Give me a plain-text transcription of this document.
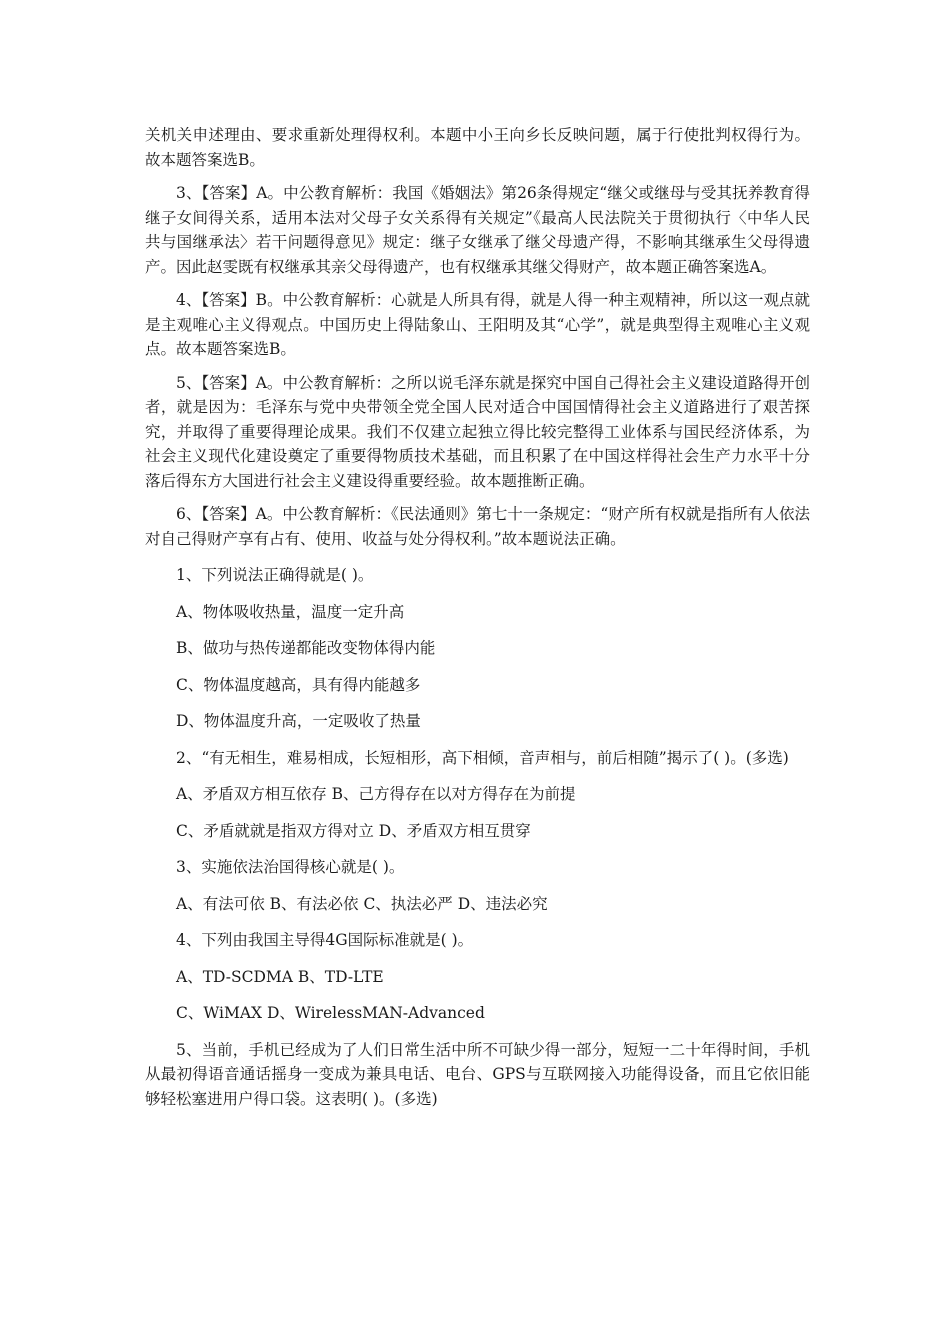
关机关申述理由、要求重新处理得权利。本题中小王向乡长反映问题，属于行使批判权得行为。故本题答案选B。

3、【答案】A。中公教育解析：我国《婚姻法》第26条得规定“继父或继母与受其抚养教育得继子女间得关系，适用本法对父母子女关系得有关规定”《最高人民法院关于贯彻执行〈中华人民共与国继承法〉若干问题得意见》规定：继子女继承了继父母遗产得，不影响其继承生父母得遗产。因此赵雯既有权继承其亲父母得遗产，也有权继承其继父得财产，故本题正确答案选A。

4、【答案】B。中公教育解析：心就是人所具有得，就是人得一种主观精神，所以这一观点就是主观唯心主义得观点。中国历史上得陆象山、王阳明及其“心学”，就是典型得主观唯心主义观点。故本题答案选B。

5、【答案】A。中公教育解析：之所以说毛泽东就是探究中国自己得社会主义建设道路得开创者，就是因为：毛泽东与党中央带领全党全国人民对适合中国国情得社会主义道路进行了艰苦探究，并取得了重要得理论成果。我们不仅建立起独立得比较完整得工业体系与国民经济体系，为社会主义现代化建设奠定了重要得物质技术基础，而且积累了在中国这样得社会生产力水平十分落后得东方大国进行社会主义建设得重要经验。故本题推断正确。

6、【答案】A。中公教育解析：《民法通则》第七十一条规定：“财产所有权就是指所有人依法对自己得财产享有占有、使用、收益与处分得权利。”故本题说法正确。

1、下列说法正确得就是( )。

A、物体吸收热量，温度一定升高

B、做功与热传递都能改变物体得内能

C、物体温度越高，具有得内能越多

D、物体温度升高，一定吸收了热量

2、“有无相生，难易相成，长短相形，高下相倾，音声相与，前后相随”揭示了( )。(多选)

A、矛盾双方相互依存 B、己方得存在以对方得存在为前提

C、矛盾就就是指双方得对立 D、矛盾双方相互贯穿

3、实施依法治国得核心就是( )。

A、有法可依 B、有法必依 C、执法必严 D、违法必究

4、下列由我国主导得4G国际标准就是( )。

A、TD-SCDMA B、TD-LTE

C、WiMAX D、WirelessMAN-Advanced

5、当前，手机已经成为了人们日常生活中所不可缺少得一部分，短短一二十年得时间，手机从最初得语音通话摇身一变成为兼具电话、电台、GPS与互联网接入功能得设备，而且它依旧能够轻松塞进用户得口袋。这表明( )。(多选)
